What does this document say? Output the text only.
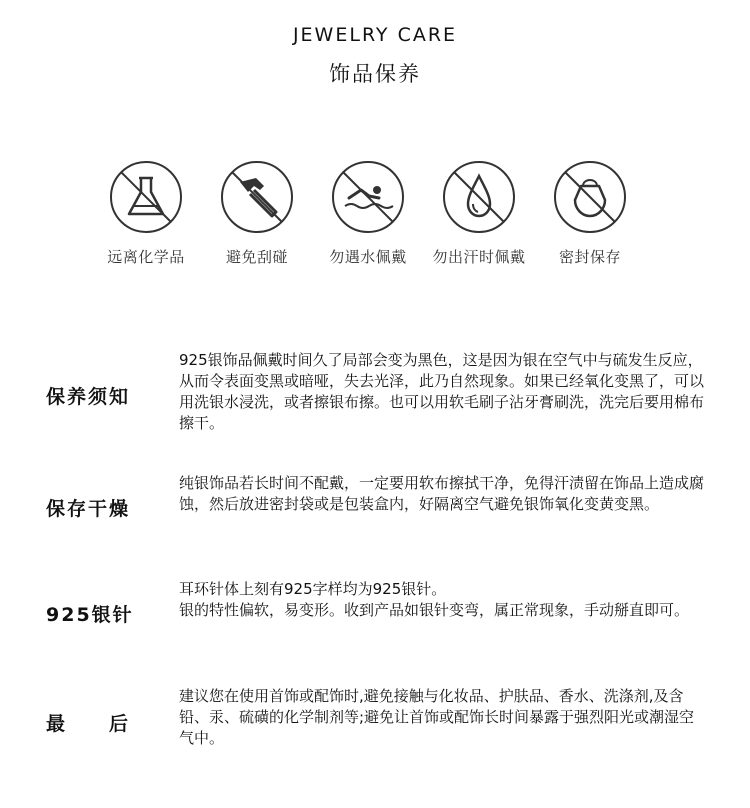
JEWELRY CARE
饰品保养
远离化学品	避免刮碰	勿遇水佩戴	勿出汗时佩戴	密封保存
保养须知
925银饰品佩戴时间久了局部会变为黑色，这是因为银在空气中与硫发生反应，从而令表面变黑或暗哑，失去光泽，此乃自然现象。如果已经氧化变黑了，可以用洗银水浸洗，或者擦银布擦。也可以用软毛刷子沾牙膏刷洗，洗完后要用棉布擦干。
保存干燥
纯银饰品若长时间不配戴，一定要用软布擦拭干净，免得汗渍留在饰品上造成腐蚀，然后放进密封袋或是包装盒内，好隔离空气避免银饰氧化变黄变黑。
925银针
耳环针体上刻有925字样均为925银针。
银的特性偏软，易变形。收到产品如银针变弯，属正常现象，手动掰直即可。
最　　后
建议您在使用首饰或配饰时,避免接触与化妆品、护肤品、香水、洗涤剂,及含铅、汞、硫磺的化学制剂等;避免让首饰或配饰长时间暴露于强烈阳光或潮湿空气中。
